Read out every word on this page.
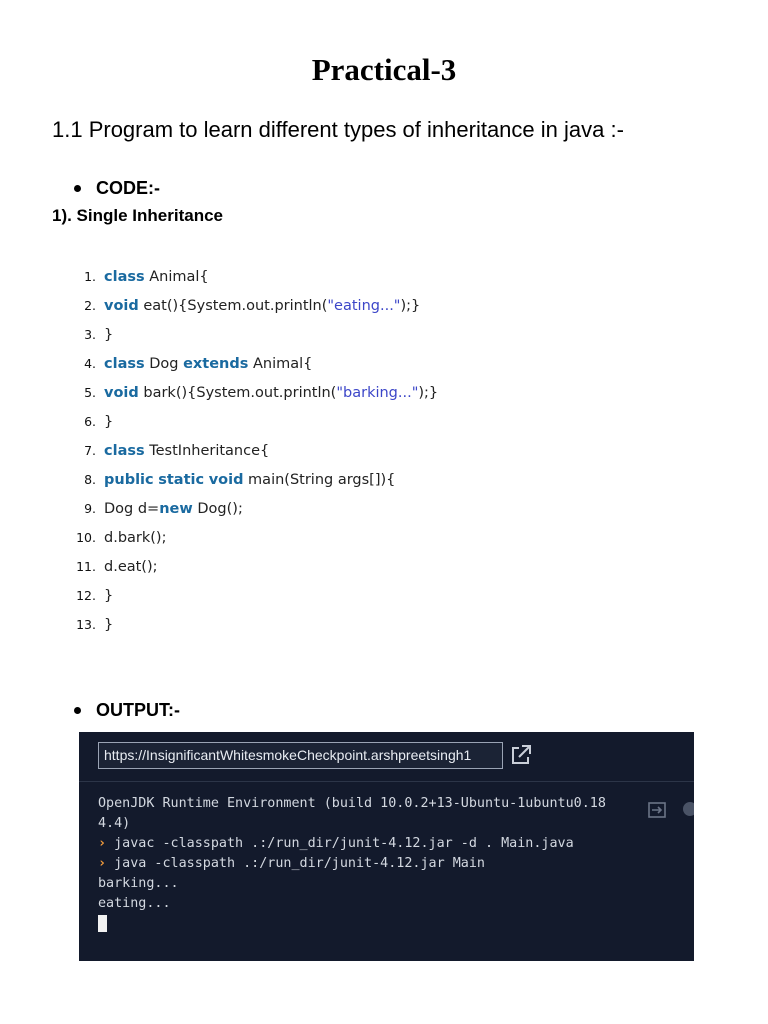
Practical-3
1.1 Program to learn different types of inheritance in java :-
CODE:-
1). Single Inheritance
1. class Animal{
2. void eat(){System.out.println("eating...");}
3. }
4. class Dog extends Animal{
5. void bark(){System.out.println("barking...");}
6. }
7. class TestInheritance{
8. public static void main(String args[]){
9. Dog d=new Dog();
10. d.bark();
11. d.eat();
12. }
13. }
OUTPUT:-
https://InsignificantWhitesmokeCheckpoint.arshpreetsingh1
OpenJDK Runtime Environment (build 10.0.2+13-Ubuntu-1ubuntu0.18
4.4)
› javac -classpath .:/run_dir/junit-4.12.jar -d . Main.java
› java -classpath .:/run_dir/junit-4.12.jar Main
barking...
eating...
